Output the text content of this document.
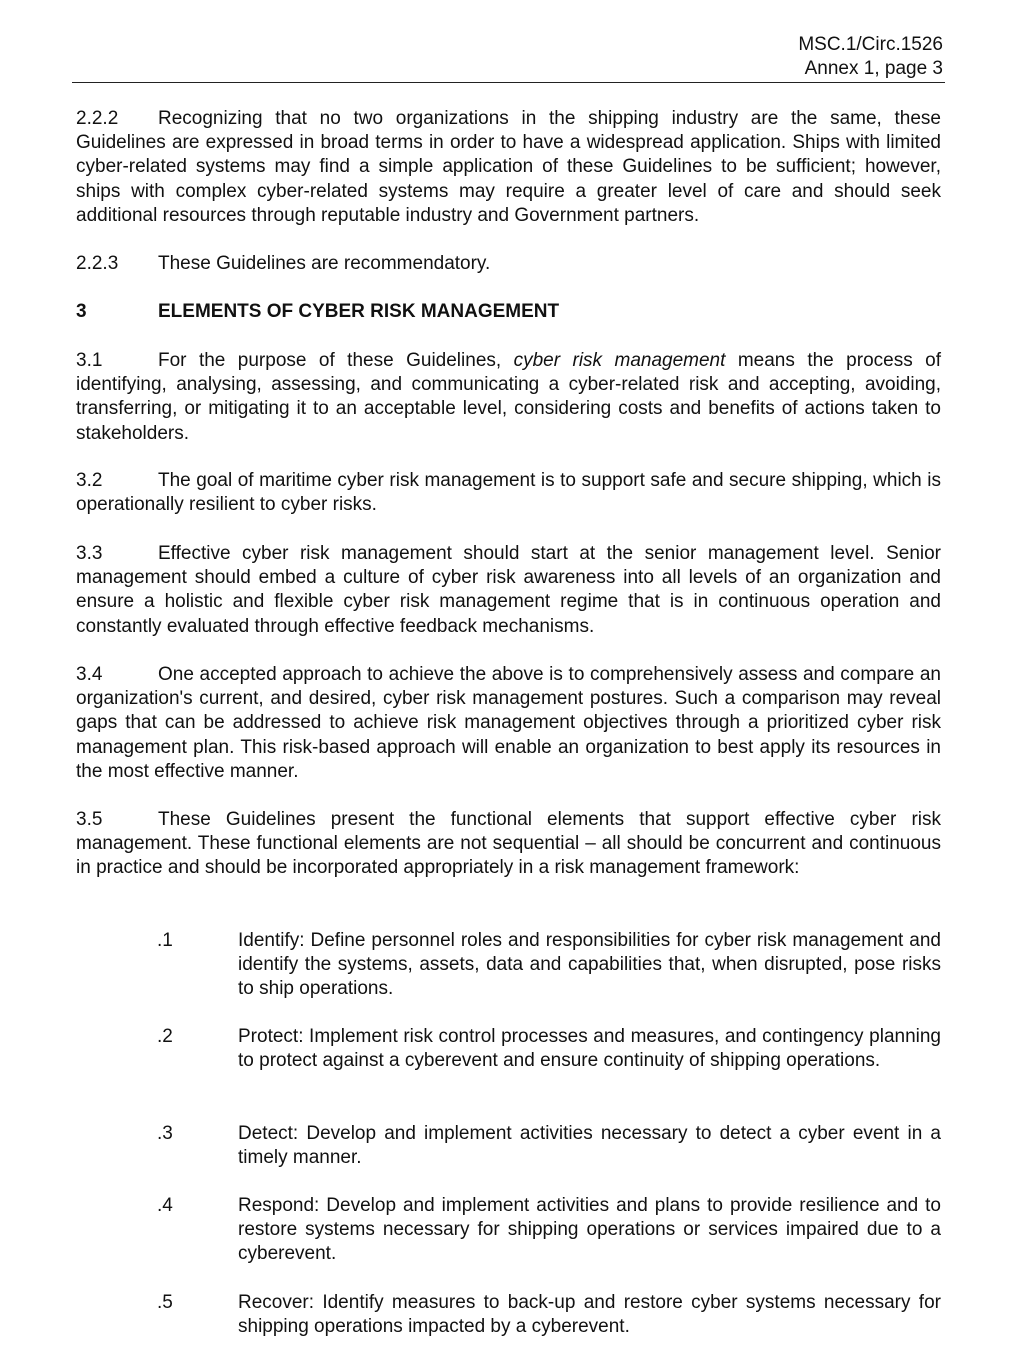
MSC.1/Circ.1526
Annex 1, page 3

2.2.2 Recognizing that no two organizations in the shipping industry are the same, these Guidelines are expressed in broad terms in order to have a widespread application. Ships with limited cyber-related systems may find a simple application of these Guidelines to be sufficient; however, ships with complex cyber-related systems may require a greater level of care and should seek additional resources through reputable industry and Government partners.

2.2.3 These Guidelines are recommendatory.

3	ELEMENTS OF CYBER RISK MANAGEMENT

3.1	For the purpose of these Guidelines, cyber risk management means the process of identifying, analysing, assessing, and communicating a cyber-related risk and accepting, avoiding, transferring, or mitigating it to an acceptable level, considering costs and benefits of actions taken to stakeholders.

3.2	The goal of maritime cyber risk management is to support safe and secure shipping, which is operationally resilient to cyber risks.

3.3	Effective cyber risk management should start at the senior management level. Senior management should embed a culture of cyber risk awareness into all levels of an organization and ensure a holistic and flexible cyber risk management regime that is in continuous operation and constantly evaluated through effective feedback mechanisms.

3.4	One accepted approach to achieve the above is to comprehensively assess and compare an organization's current, and desired, cyber risk management postures. Such a comparison may reveal gaps that can be addressed to achieve risk management objectives through a prioritized cyber risk management plan. This risk-based approach will enable an organization to best apply its resources in the most effective manner.

3.5	These Guidelines present the functional elements that support effective cyber risk management. These functional elements are not sequential – all should be concurrent and continuous in practice and should be incorporated appropriately in a risk management framework:

.1	Identify: Define personnel roles and responsibilities for cyber risk management and identify the systems, assets, data and capabilities that, when disrupted, pose risks to ship operations.
.2	Protect: Implement risk control processes and measures, and contingency planning to protect against a cyberevent and ensure continuity of shipping operations.
.3	Detect: Develop and implement activities necessary to detect a cyber event in a timely manner.
.4	Respond: Develop and implement activities and plans to provide resilience and to restore systems necessary for shipping operations or services impaired due to a cyberevent.
.5	Recover: Identify measures to back-up and restore cyber systems necessary for shipping operations impacted by a cyberevent.
